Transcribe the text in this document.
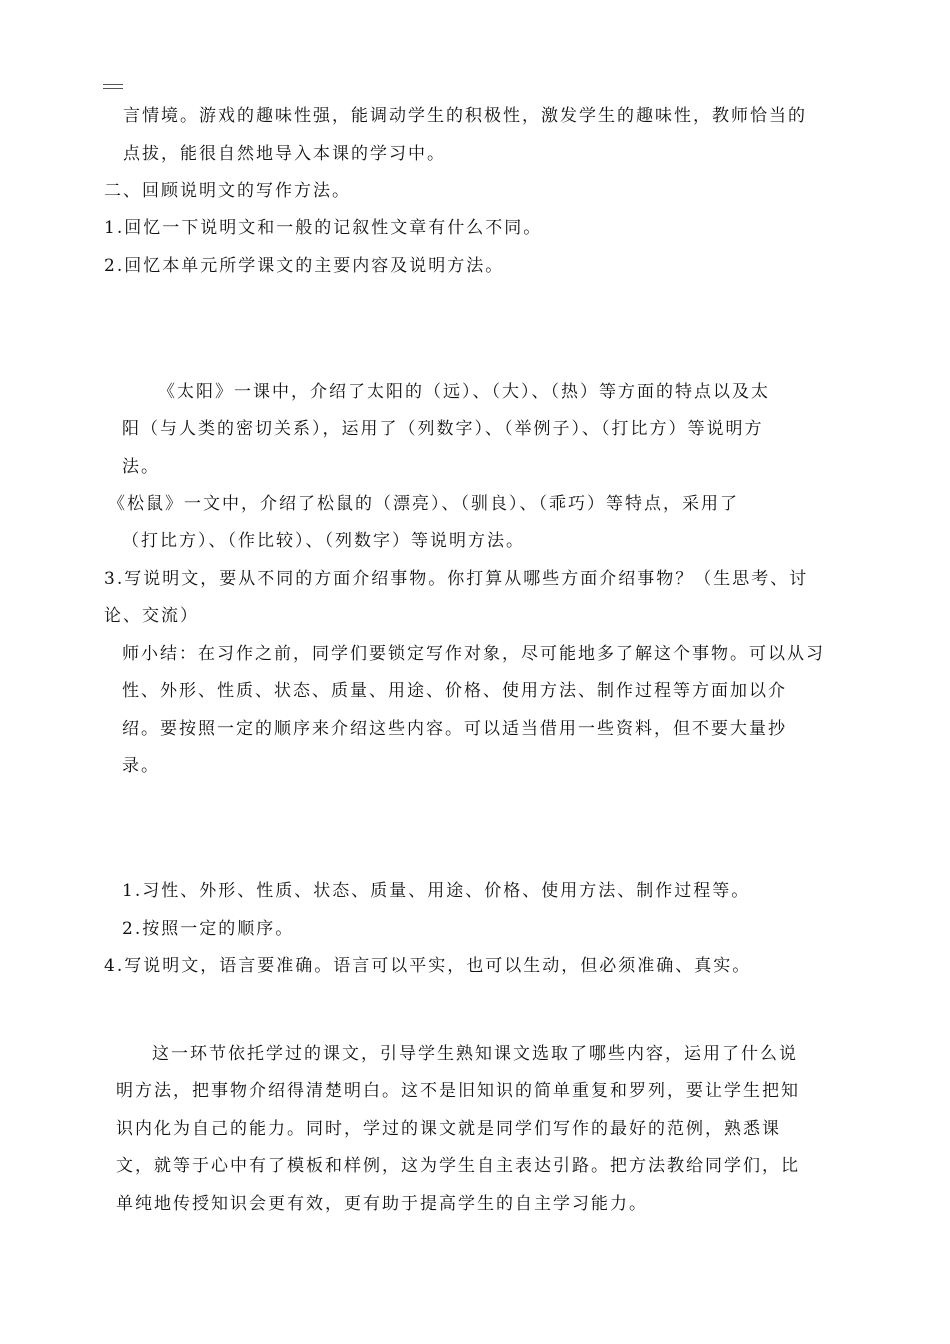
言情境。游戏的趣味性强，能调动学生的积极性，激发学生的趣味性，教师恰当的
点拔，能很自然地导入本课的学习中。
二、回顾说明文的写作方法。
1.回忆一下说明文和一般的记叙性文章有什么不同。
2.回忆本单元所学课文的主要内容及说明方法。
《太阳》一课中，介绍了太阳的（远）、（大）、（热）等方面的特点以及太
阳（与人类的密切关系），运用了（列数字）、（举例子）、（打比方）等说明方
法。
《松鼠》一文中，介绍了松鼠的（漂亮）、（驯良）、（乖巧）等特点，采用了
（打比方）、（作比较）、（列数字）等说明方法。
3.写说明文，要从不同的方面介绍事物。你打算从哪些方面介绍事物？（生思考、讨
论、交流）
师小结：在习作之前，同学们要锁定写作对象，尽可能地多了解这个事物。可以从习
性、外形、性质、状态、质量、用途、价格、使用方法、制作过程等方面加以介
绍。要按照一定的顺序来介绍这些内容。可以适当借用一些资料，但不要大量抄
录。
1.习性、外形、性质、状态、质量、用途、价格、使用方法、制作过程等。
2.按照一定的顺序。
4.写说明文，语言要准确。语言可以平实，也可以生动，但必须准确、真实。
这一环节依托学过的课文，引导学生熟知课文选取了哪些内容，运用了什么说
明方法，把事物介绍得清楚明白。这不是旧知识的简单重复和罗列，要让学生把知
识内化为自己的能力。同时，学过的课文就是同学们写作的最好的范例，熟悉课
文，就等于心中有了模板和样例，这为学生自主表达引路。把方法教给同学们，比
单纯地传授知识会更有效，更有助于提高学生的自主学习能力。
